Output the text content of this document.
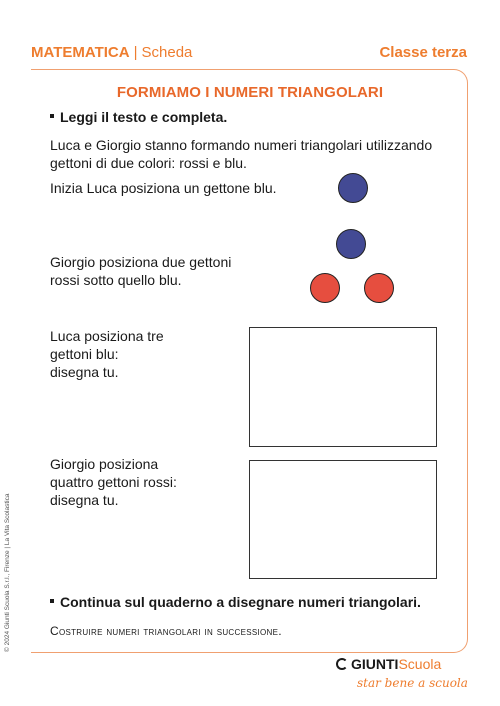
MATEMATICA | Scheda	Classe terza
FORMIAMO I NUMERI TRIANGOLARI
Leggi il testo e completa.
Luca e Giorgio stanno formando numeri triangolari utilizzando gettoni di due colori: rossi e blu.
Inizia Luca posiziona un gettone blu.
Giorgio posiziona due gettoni
rossi sotto quello blu.
Luca posiziona tre
gettoni blu:
disegna tu.
Giorgio posiziona
quattro gettoni rossi:
disegna tu.
Continua sul quaderno a disegnare numeri triangolari.
Costruire numeri triangolari in successione.
© 2024 Giunti Scuola S.r.l., Firenze | La Vita Scolastica
GIUNTIScuola
star bene a scuola
